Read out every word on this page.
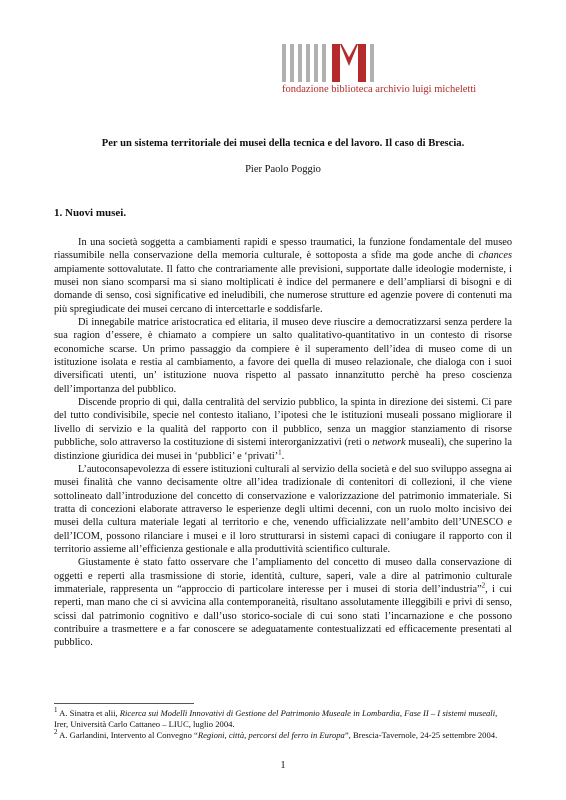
fondazione biblioteca archivio luigi micheletti
Per un sistema territoriale dei musei della tecnica e del lavoro. Il caso di Brescia.
Pier Paolo Poggio
1. Nuovi musei.

In una società soggetta a cambiamenti rapidi e spesso traumatici, la funzione fondamentale del museo riassumibile nella conservazione della memoria culturale, è sottoposta a sfide ma gode anche di chances ampiamente sottovalutate. Il fatto che contrariamente alle previsioni, supportate dalle ideologie moderniste, i musei non siano scomparsi ma si siano moltiplicati è indice del permanere e dell’ampliarsi di bisogni e di domande di senso, così significative ed ineludibili, che numerose strutture ed agenzie povere di contenuti ma più spregiudicate dei musei cercano di intercettarle e soddisfarle.

Di innegabile matrice aristocratica ed elitaria, il museo deve riuscire a democratizzarsi senza perdere la sua ragion d’essere, è chiamato a compiere un salto qualitativo-quantitativo in un contesto di risorse economiche scarse. Un primo passaggio da compiere è il superamento dell’idea di museo come di un istituzione isolata e restia al cambiamento, a favore dei quella di museo relazionale, che dialoga con i suoi diversificati utenti, un’ istituzione nuova rispetto al passato innanzitutto perchè ha preso coscienza dell’importanza del pubblico.

Discende proprio di qui, dalla centralità del servizio pubblico, la spinta in direzione dei sistemi. Ci pare del tutto condivisibile, specie nel contesto italiano, l’ipotesi che le istituzioni museali possano migliorare il livello di servizio e la qualità del rapporto con il pubblico, senza un maggior stanziamento di risorse pubbliche, solo attraverso la costituzione di sistemi interorganizzativi (reti o network museali), che superino la distinzione giuridica dei musei in ‘pubblici’ e ‘privati’$^1$.

L’autoconsapevolezza di essere istituzioni culturali al servizio della società e del suo sviluppo assegna ai musei finalità che vanno decisamente oltre all’idea tradizionale di contenitori di collezioni, il che viene sottolineato dall’introduzione del concetto di conservazione e valorizzazione del patrimonio immateriale. Si tratta di concezioni elaborate attraverso le esperienze degli ultimi decenni, con un ruolo molto incisivo dei musei della cultura materiale legati al territorio e che, venendo ufficializzate nell’ambito dell’UNESCO e dell’ICOM, possono rilanciare i musei e il loro strutturarsi in sistemi capaci di coniugare il rapporto con il territorio assieme all’efficienza gestionale e alla produttività scientifico culturale.

Giustamente è stato fatto osservare che l’ampliamento del concetto di museo dalla conservazione di oggetti e reperti alla trasmissione di storie, identità, culture, saperi, vale a dire al patrimonio culturale immateriale, rappresenta un “approccio di particolare interesse per i musei di storia dell’industria”$^2$, i cui reperti, man mano che ci si avvicina alla contemporaneità, risultano assolutamente illeggibili e privi di senso, scissi dal patrimonio cognitivo e dall’uso storico-sociale di cui sono stati l’incarnazione e che possono contribuire a trasmettere e a far conoscere se adeguatamente contestualizzati ed efficacemente presentati al pubblico.

$^1$ A. Sinatra et alii, Ricerca sui Modelli Innovativi di Gestione del Patrimonio Museale in Lombardia, Fase II – I sistemi museali, Irer, Università Carlo Cattaneo – LIUC, luglio 2004.

$^2$ A. Garlandini, Intervento al Convegno “Regioni, città, percorsi del ferro in Europa”, Brescia-Tavernole, 24-25 settembre 2004.

1
